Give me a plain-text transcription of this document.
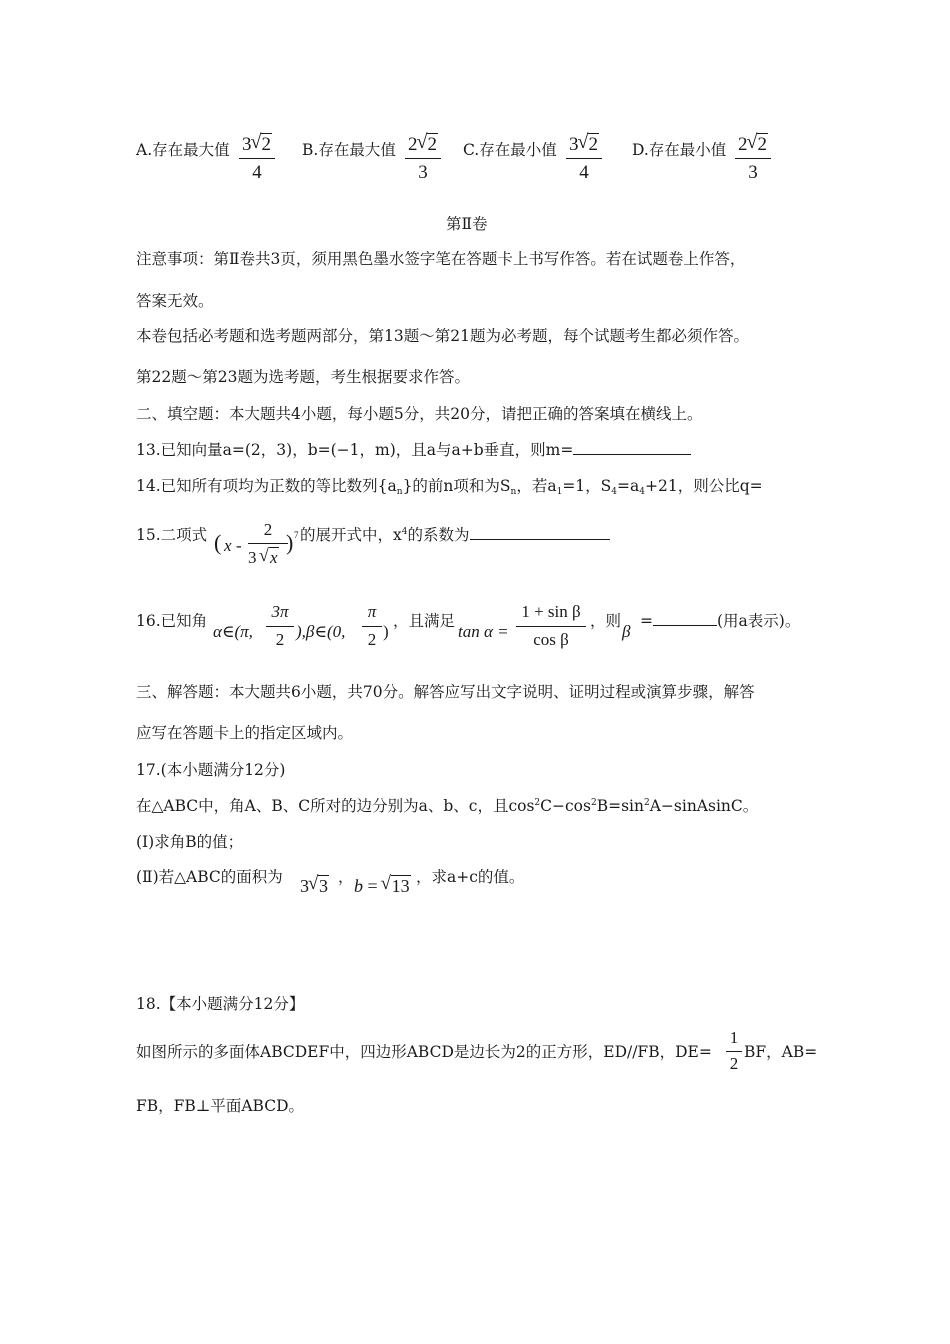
A.存在最大值 3 √ 2
4
B.存在最大值 2 √ 2
3
C.存在最小值 3 √ 2
4
D.存在最小值 2 √ 2
3
第Ⅱ卷
注意事项：第Ⅱ卷共3页，须用黑色墨水签字笔在答题卡上书写作答。若在试题卷上作答，
答案无效。
本卷包括必考题和选考题两部分，第13题～第21题为必考题，每个试题考生都必须作答。
第22题～第23题为选考题，考生根据要求作答。
二、填空题：本大题共4小题，每小题5分，共20分，请把正确的答案填在横线上。
13.已知向量a=(2，3)，b=(−1，m)，且a与a+b垂直，则m=
14.已知所有项均为正数的等比数列$\{a_n\}$的前n项和为$S_n$，若$a_1=1$，$S_4=a_4+21$，则公比q=
15.二项式 ( x -
2
3 √ x
) 7 的展开式中，$x^4$的系数为
16.已知角
α∈(π,
3π
2 ),β∈(0,
π
2 )
，且满足
tan α =
1 + sin β
cos β
，则
β
=	(用a表示)。
三、解答题：本大题共6小题，共70分。解答应写出文字说明、证明过程或演算步骤，解答
应写在答题卡上的指定区域内。
17.(本小题满分12分)
在△ABC中，角A、B、C所对的边分别为a、b、c，且$\cos^2C-\cos^2B=\sin^2A-sinAsinC$。
(Ⅰ)求角B的值；
(Ⅱ)若△ABC的面积为 3 √ 3 ， b = √ 13 ，求a+c的值。
18.【本小题满分12分】
如图所示的多面体ABCDEF中，四边形ABCD是边长为2的正方形，ED//FB，DE=
1
2
BF，AB=
FB，FB⊥平面ABCD。
